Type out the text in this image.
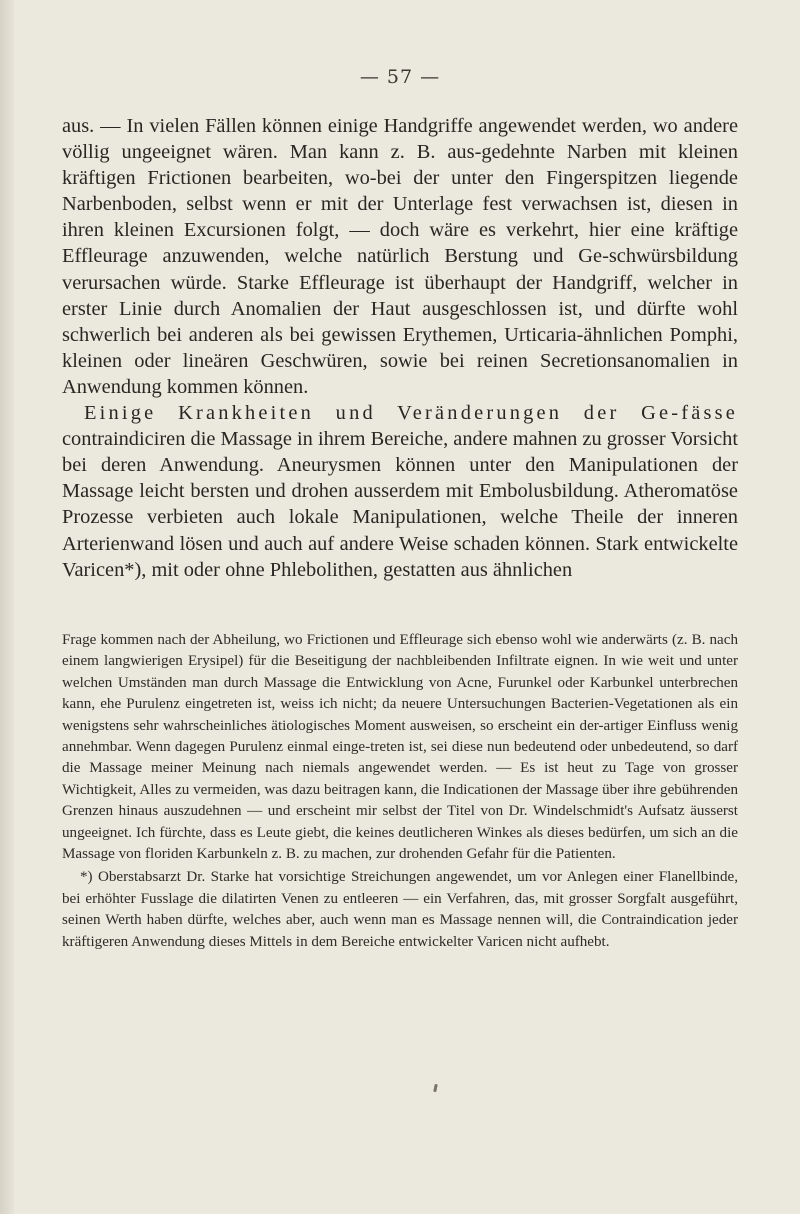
— 57 —

aus. — In vielen Fällen können einige Handgriffe angewendet werden, wo andere völlig ungeeignet wären. Man kann z. B. aus-gedehnte Narben mit kleinen kräftigen Frictionen bearbeiten, wo-bei der unter den Fingerspitzen liegende Narbenboden, selbst wenn er mit der Unterlage fest verwachsen ist, diesen in ihren kleinen Excursionen folgt, — doch wäre es verkehrt, hier eine kräftige Effleurage anzuwenden, welche natürlich Berstung und Ge-schwürsbildung verursachen würde. Starke Effleurage ist überhaupt der Handgriff, welcher in erster Linie durch Anomalien der Haut ausgeschlossen ist, und dürfte wohl schwerlich bei anderen als bei gewissen Erythemen, Urticaria-ähnlichen Pomphi, kleinen oder lineären Geschwüren, sowie bei reinen Secretionsanomalien in Anwendung kommen können.

Einige Krankheiten und Veränderungen der Ge-fässe contraindiciren die Massage in ihrem Bereiche, andere mahnen zu grosser Vorsicht bei deren Anwendung. Aneurysmen können unter den Manipulationen der Massage leicht bersten und drohen ausserdem mit Embolusbildung. Atheromatöse Prozesse verbieten auch lokale Manipulationen, welche Theile der inneren Arterienwand lösen und auch auf andere Weise schaden können. Stark entwickelte Varicen*), mit oder ohne Phlebolithen, gestatten aus ähnlichen

Frage kommen nach der Abheilung, wo Frictionen und Effleurage sich ebenso wohl wie anderwärts (z. B. nach einem langwierigen Erysipel) für die Beseitigung der nachbleibenden Infiltrate eignen. In wie weit und unter welchen Umständen man durch Massage die Entwicklung von Acne, Furunkel oder Karbunkel unterbrechen kann, ehe Purulenz eingetreten ist, weiss ich nicht; da neuere Untersuchungen Bacterien-Vegetationen als ein wenigstens sehr wahrscheinliches ätiologisches Moment ausweisen, so erscheint ein der-artiger Einfluss wenig annehmbar. Wenn dagegen Purulenz einmal einge-treten ist, sei diese nun bedeutend oder unbedeutend, so darf die Massage meiner Meinung nach niemals angewendet werden. — Es ist heut zu Tage von grosser Wichtigkeit, Alles zu vermeiden, was dazu beitragen kann, die Indicationen der Massage über ihre gebührenden Grenzen hinaus auszudehnen — und erscheint mir selbst der Titel von Dr. Windelschmidt's Aufsatz äusserst ungeeignet. Ich fürchte, dass es Leute giebt, die keines deutlicheren Winkes als dieses bedürfen, um sich an die Massage von floriden Karbunkeln z. B. zu machen, zur drohenden Gefahr für die Patienten.

*) Oberstabsarzt Dr. Starke hat vorsichtige Streichungen angewendet, um vor Anlegen einer Flanellbinde, bei erhöhter Fusslage die dilatirten Venen zu entleeren — ein Verfahren, das, mit grosser Sorgfalt ausgeführt, seinen Werth haben dürfte, welches aber, auch wenn man es Massage nennen will, die Contraindication jeder kräftigeren Anwendung dieses Mittels in dem Bereiche entwickelter Varicen nicht aufhebt.
